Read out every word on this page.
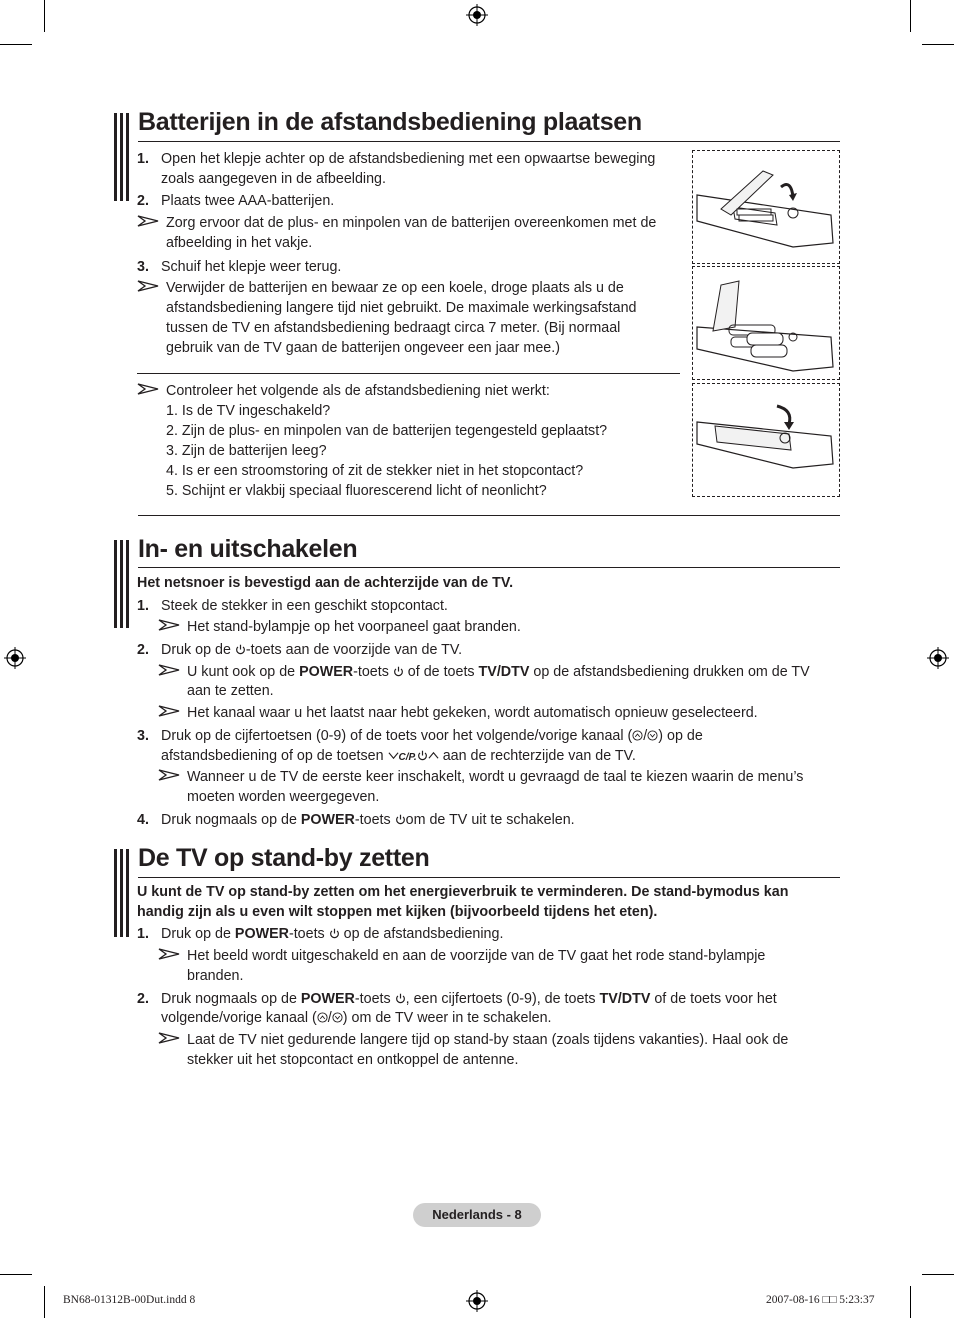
Batterijen in de afstandsbediening plaatsen
1. Open het klepje achter op de afstandsbediening met een opwaartse beweging
zoals aangegeven in de afbeelding.
2. Plaats twee AAA-batterijen.
Zorg ervoor dat de plus- en minpolen van de batterijen overeenkomen met de
afbeelding in het vakje.
3. Schuif het klepje weer terug.
Verwijder de batterijen en bewaar ze op een koele, droge plaats als u de
afstandsbediening langere tijd niet gebruikt. De maximale werkingsafstand
tussen de TV en afstandsbediening bedraagt circa 7 meter. (Bij normaal
gebruik van de TV gaan de batterijen ongeveer een jaar mee.)
Controleer het volgende als de afstandsbediening niet werkt:
1. Is de TV ingeschakeld?
2. Zijn de plus- en minpolen van de batterijen tegengesteld geplaatst?
3. Zijn de batterijen leeg?
4. Is er een stroomstoring of zit de stekker niet in het stopcontact?
5. Schijnt er vlakbij speciaal fluorescerend licht of neonlicht?
In- en uitschakelen
Het netsnoer is bevestigd aan de achterzijde van de TV.
1. Steek de stekker in een geschikt stopcontact.
Het stand-bylampje op het voorpaneel gaat branden.
2. Druk op de -toets aan de voorzijde van de TV.
U kunt ook op de POWER-toets  of de toets TV/DTV op de afstandsbediening drukken om de TV
aan te zetten.
Het kanaal waar u het laatst naar hebt gekeken, wordt automatisch opnieuw geselecteerd.
3. Druk op de cijfertoetsen (0-9) of de toets voor het volgende/vorige kanaal ( / ) op de
afstandsbediening of op de toetsen C/P. aan de rechterzijde van de TV.
Wanneer u de TV de eerste keer inschakelt, wordt u gevraagd de taal te kiezen waarin de menu’s
moeten worden weergegeven.
4. Druk nogmaals op de POWER-toets om de TV uit te schakelen.
De TV op stand-by zetten
U kunt de TV op stand-by zetten om het energieverbruik te verminderen. De stand-bymodus kan
handig zijn als u even wilt stoppen met kijken (bijvoorbeeld tijdens het eten).
1. Druk op de POWER-toets  op de afstandsbediening.
Het beeld wordt uitgeschakeld en aan de voorzijde van de TV gaat het rode stand-bylampje
branden.
2. Druk nogmaals op de POWER-toets , een cijfertoets (0-9), de toets TV/DTV of de toets voor het
volgende/vorige kanaal ( / ) om de TV weer in te schakelen.
Laat de TV niet gedurende langere tijd op stand-by staan (zoals tijdens vakanties). Haal ook de
stekker uit het stopcontact en ontkoppel de antenne.
Nederlands - 8
BN68-01312B-00Dut.indd 8	2007-08-16 □□ 5:23:37
